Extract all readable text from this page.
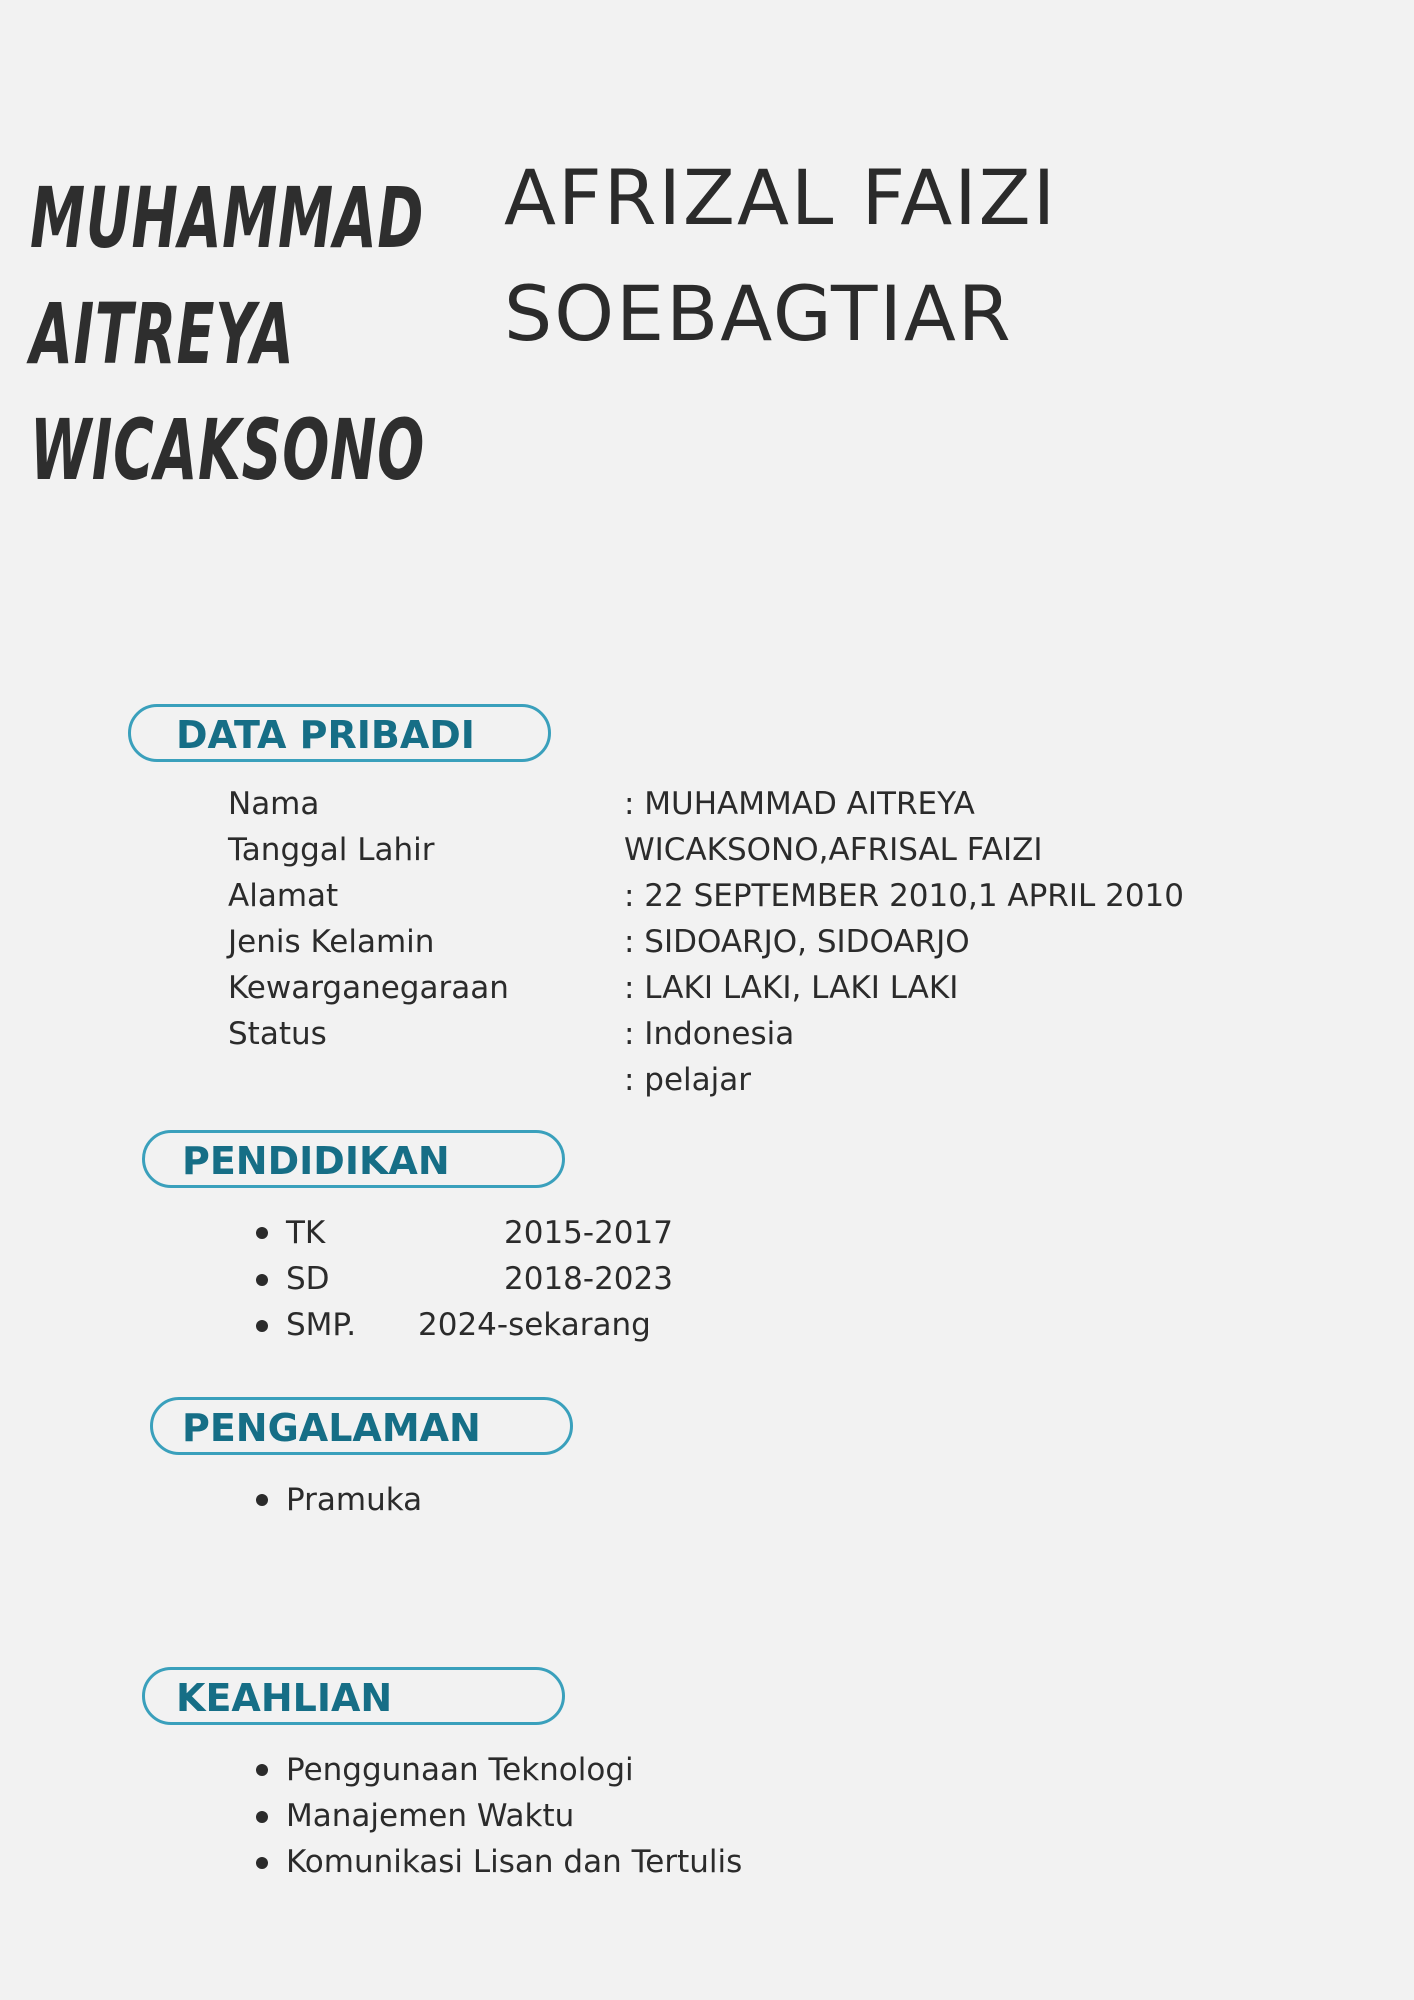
MUHAMMAD
AITREYA
WICAKSONO
AFRIZAL FAIZI
SOEBAGTIAR
DATA PRIBADI
Nama
Tanggal Lahir
Alamat
Jenis Kelamin
Kewarganegaraan
Status
: MUHAMMAD AITREYA
WICAKSONO,AFRISAL FAIZI
: 22 SEPTEMBER 2010,1 APRIL 2010
: SIDOARJO, SIDOARJO
: LAKI LAKI, LAKI LAKI
: Indonesia
: pelajar
PENDIDIKAN
TK	2015-2017
SD	2018-2023
SMP. 2024-sekarang
PENGALAMAN
Pramuka
KEAHLIAN
Penggunaan Teknologi
Manajemen Waktu
Komunikasi Lisan dan Tertulis
